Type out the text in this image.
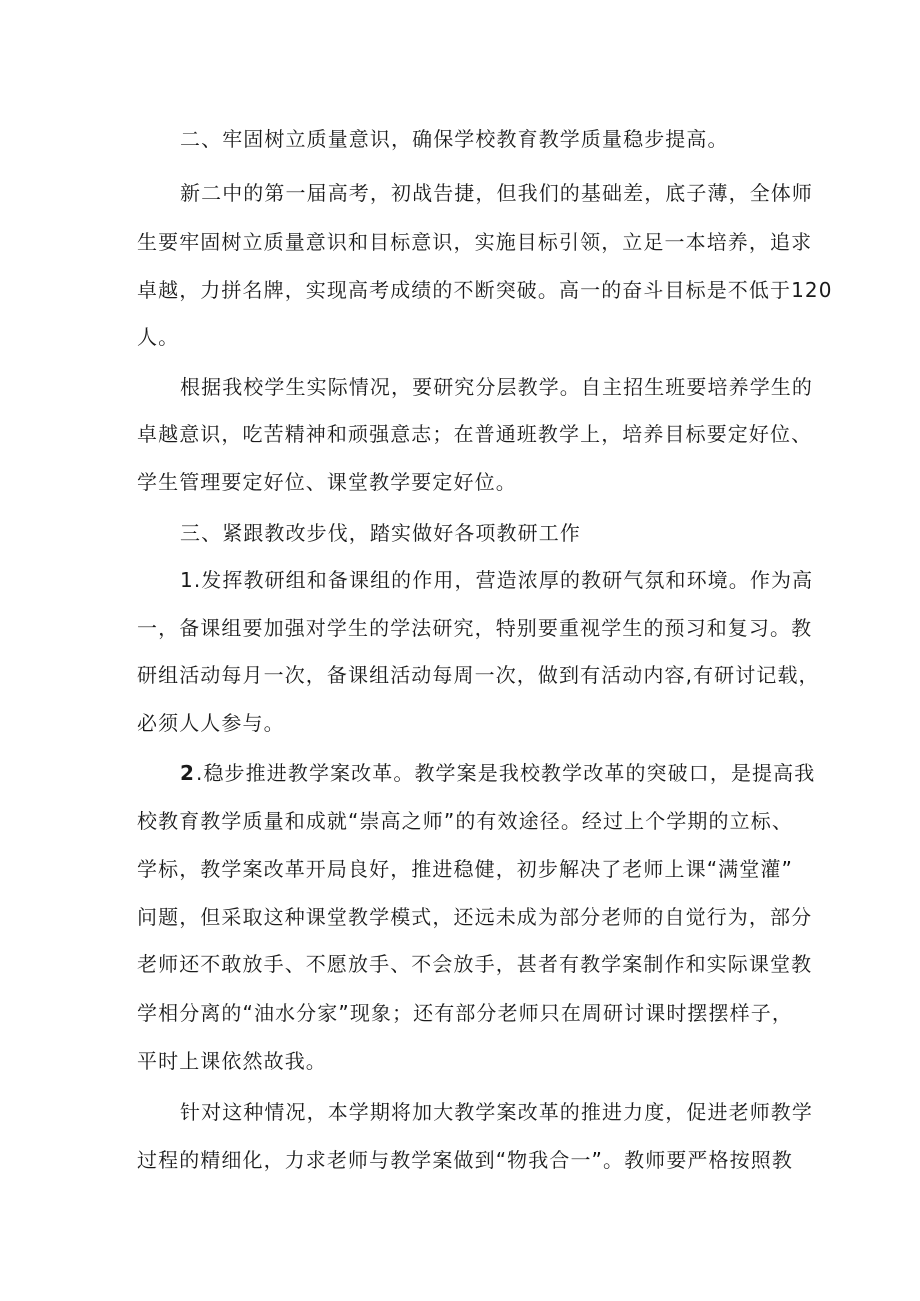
二、牢固树立质量意识，确保学校教育教学质量稳步提高。
新二中的第一届高考，初战告捷，但我们的基础差，底子薄，全体师
生要牢固树立质量意识和目标意识，实施目标引领，立足一本培养，追求
卓越，力拼名牌，实现高考成绩的不断突破。高一的奋斗目标是不低于120
人。
根据我校学生实际情况，要研究分层教学。自主招生班要培养学生的
卓越意识，吃苦精神和顽强意志；在普通班教学上，培养目标要定好位、
学生管理要定好位、课堂教学要定好位。
三、紧跟教改步伐，踏实做好各项教研工作
1.发挥教研组和备课组的作用，营造浓厚的教研气氛和环境。作为高
一，备课组要加强对学生的学法研究，特别要重视学生的预习和复习。教
研组活动每月一次，备课组活动每周一次，做到有活动内容,有研讨记载，
必须人人参与。
2 .稳步推进教学案改革。教学案是我校教学改革的突破口，是提高我
校教育教学质量和成就“崇高之师”的有效途径。经过上个学期的立标、
学标，教学案改革开局良好，推进稳健，初步解决了老师上课“满堂灌”
问题，但采取这种课堂教学模式，还远未成为部分老师的自觉行为，部分
老师还不敢放手、不愿放手、不会放手，甚者有教学案制作和实际课堂教
学相分离的“油水分家”现象；还有部分老师只在周研讨课时摆摆样子，
平时上课依然故我。
针对这种情况，本学期将加大教学案改革的推进力度，促进老师教学
过程的精细化，力求老师与教学案做到“物我合一”。教师要严格按照教
